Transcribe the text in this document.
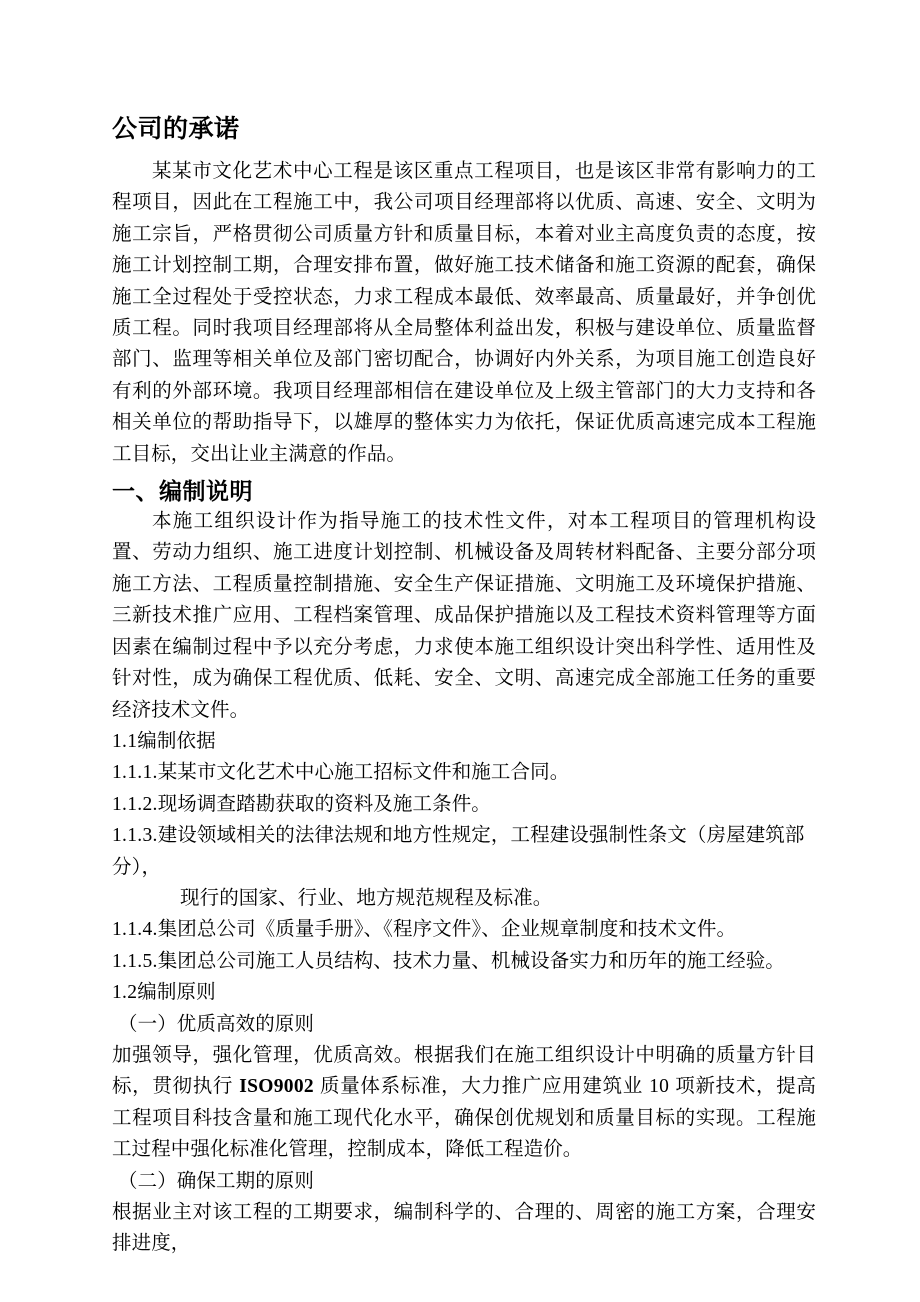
公司的承诺

某某市文化艺术中心工程是该区重点工程项目，也是该区非常有影响力的工程项目，因此在工程施工中，我公司项目经理部将以优质、高速、安全、文明为施工宗旨，严格贯彻公司质量方针和质量目标，本着对业主高度负责的态度，按施工计划控制工期，合理安排布置，做好施工技术储备和施工资源的配套，确保施工全过程处于受控状态，力求工程成本最低、效率最高、质量最好，并争创优质工程。同时我项目经理部将从全局整体利益出发，积极与建设单位、质量监督部门、监理等相关单位及部门密切配合，协调好内外关系，为项目施工创造良好有利的外部环境。我项目经理部相信在建设单位及上级主管部门的大力支持和各相关单位的帮助指导下，以雄厚的整体实力为依托，保证优质高速完成本工程施工目标，交出让业主满意的作品。

一、编制说明

本施工组织设计作为指导施工的技术性文件，对本工程项目的管理机构设置、劳动力组织、施工进度计划控制、机械设备及周转材料配备、主要分部分项施工方法、工程质量控制措施、安全生产保证措施、文明施工及环境保护措施、三新技术推广应用、工程档案管理、成品保护措施以及工程技术资料管理等方面因素在编制过程中予以充分考虑，力求使本施工组织设计突出科学性、适用性及针对性，成为确保工程优质、低耗、安全、文明、高速完成全部施工任务的重要经济技术文件。

1.1编制依据

1.1.1.某某市文化艺术中心施工招标文件和施工合同。

1.1.2.现场调查踏勘获取的资料及施工条件。

1.1.3.建设领域相关的法律法规和地方性规定，工程建设强制性条文（房屋建筑部分），
现行的国家、行业、地方规范规程及标准。

1.1.4.集团总公司《质量手册》、《程序文件》、企业规章制度和技术文件。

1.1.5.集团总公司施工人员结构、技术力量、机械设备实力和历年的施工经验。

1.2编制原则

（一）优质高效的原则

加强领导，强化管理，优质高效。根据我们在施工组织设计中明确的质量方针目标，贯彻执行 ISO9002 质量体系标准，大力推广应用建筑业 10 项新技术，提高工程项目科技含量和施工现代化水平，确保创优规划和质量目标的实现。工程施工过程中强化标准化管理，控制成本，降低工程造价。

（二）确保工期的原则

根据业主对该工程的工期要求，编制科学的、合理的、周密的施工方案，合理安排进度，
